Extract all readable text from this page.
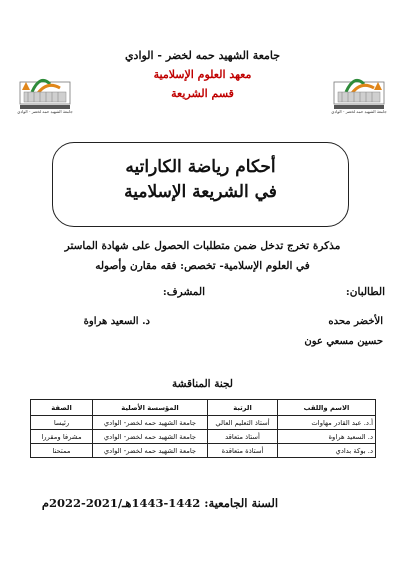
جامعة الشهيد حمه لخضر - الوادي	جامعة الشهيد حمه لخضر - الوادي
جامعة الشهيد حمه لخضر - الوادي
معهد العلوم الإسلامية
قسم الشريعة
أحكام رياضة الكاراتيه
في الشريعة الإسلامية
مذكرة تخرج تدخل ضمن متطلبات الحصول على شهادة الماستر
في العلوم الإسلامية- تخصص: فقه مقارن وأصوله
الطالبان:
المشرف:
الأخضر محده
د. السعيد هراوة
حسين مسعي عون
لجنة المناقشة
الاسم واللقب	الرتبة	المؤسسة الأصلية	الصفة
أ.د. عبد القادر مهاوات	أستاذ التعليم العالي	جامعة الشهيد حمه لخضر- الوادي	رئيسا
د. السعيد هراوة	أستاذ متعاقد	جامعة الشهيد حمه لخضر- الوادي	مشرفا ومقررا
د. بوكة بدادي	أستاذة متعاقدة	جامعة الشهيد حمه لخضر- الوادي	ممتحنا
السنة الجامعية: 1442-1443هـ/2021-2022م
